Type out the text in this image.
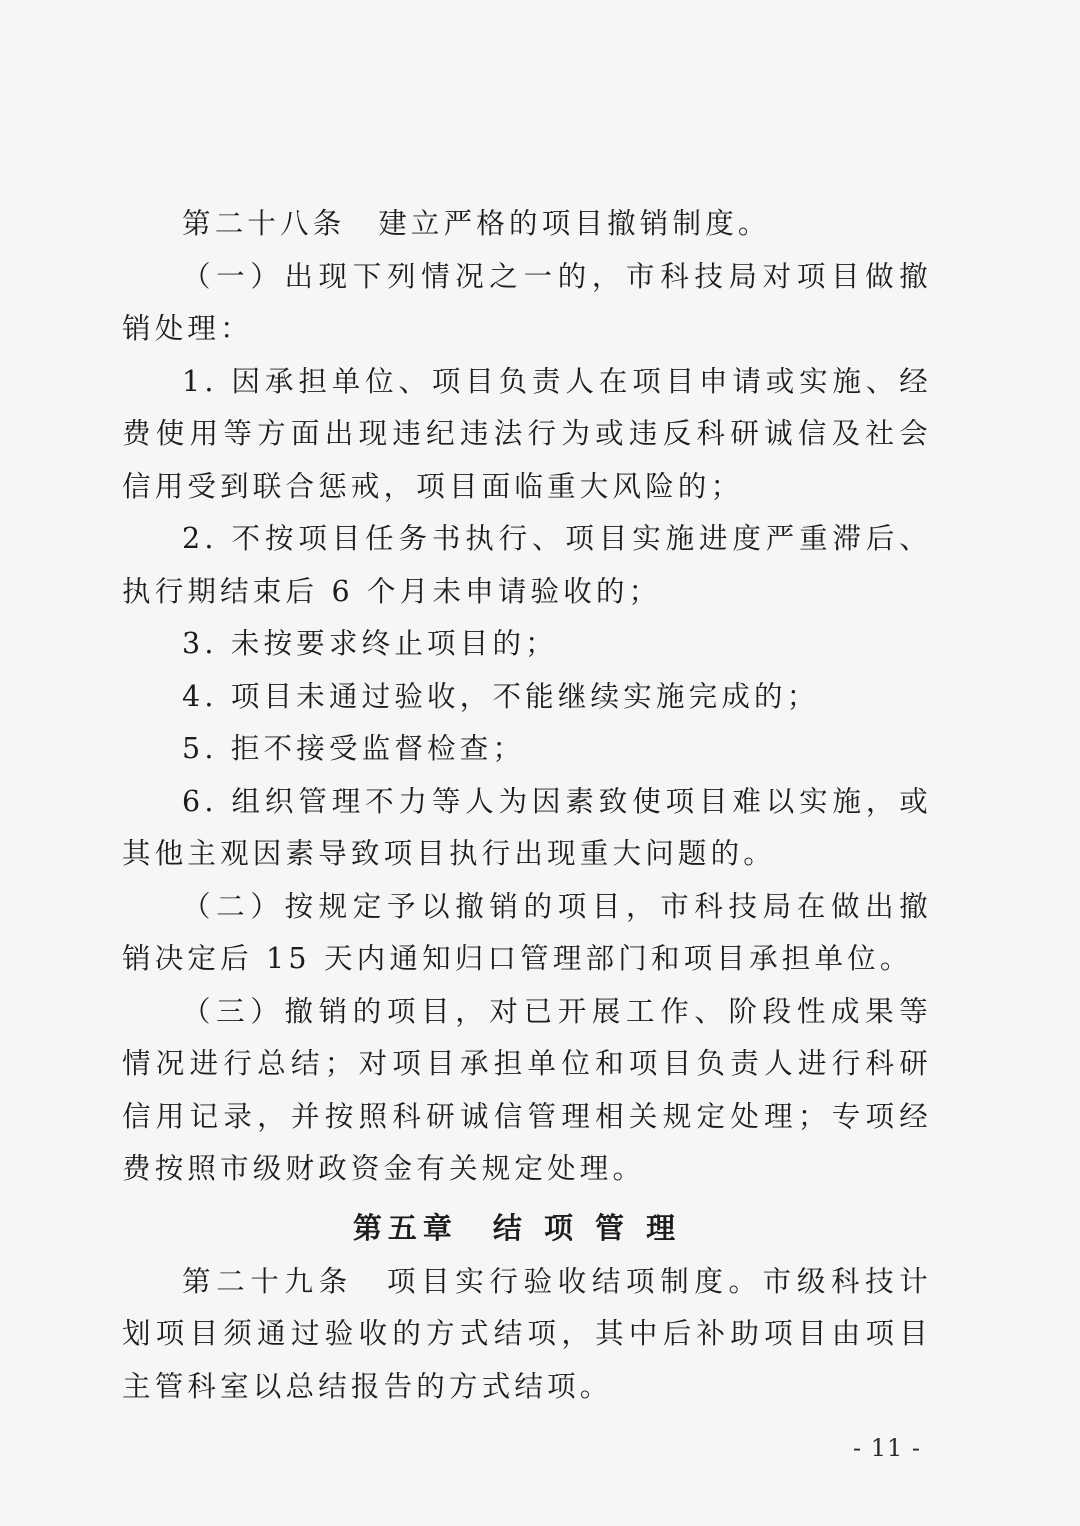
第二十八条　建立严格的项目撤销制度。

（一）出现下列情况之一的，市科技局对项目做撤销处理：

1. 因承担单位、项目负责人在项目申请或实施、经费使用等方面出现违纪违法行为或违反科研诚信及社会信用受到联合惩戒，项目面临重大风险的；

2. 不按项目任务书执行、项目实施进度严重滞后、执行期结束后 6 个月未申请验收的；

3. 未按要求终止项目的；

4. 项目未通过验收，不能继续实施完成的；

5. 拒不接受监督检查；

6. 组织管理不力等人为因素致使项目难以实施，或其他主观因素导致项目执行出现重大问题的。

（二）按规定予以撤销的项目，市科技局在做出撤销决定后 15 天内通知归口管理部门和项目承担单位。

（三）撤销的项目，对已开展工作、阶段性成果等情况进行总结；对项目承担单位和项目负责人进行科研信用记录，并按照科研诚信管理相关规定处理；专项经费按照市级财政资金有关规定处理。

第五章　结 项 管 理

第二十九条　项目实行验收结项制度。市级科技计划项目须通过验收的方式结项，其中后补助项目由项目主管科室以总结报告的方式结项。

- 11 -
